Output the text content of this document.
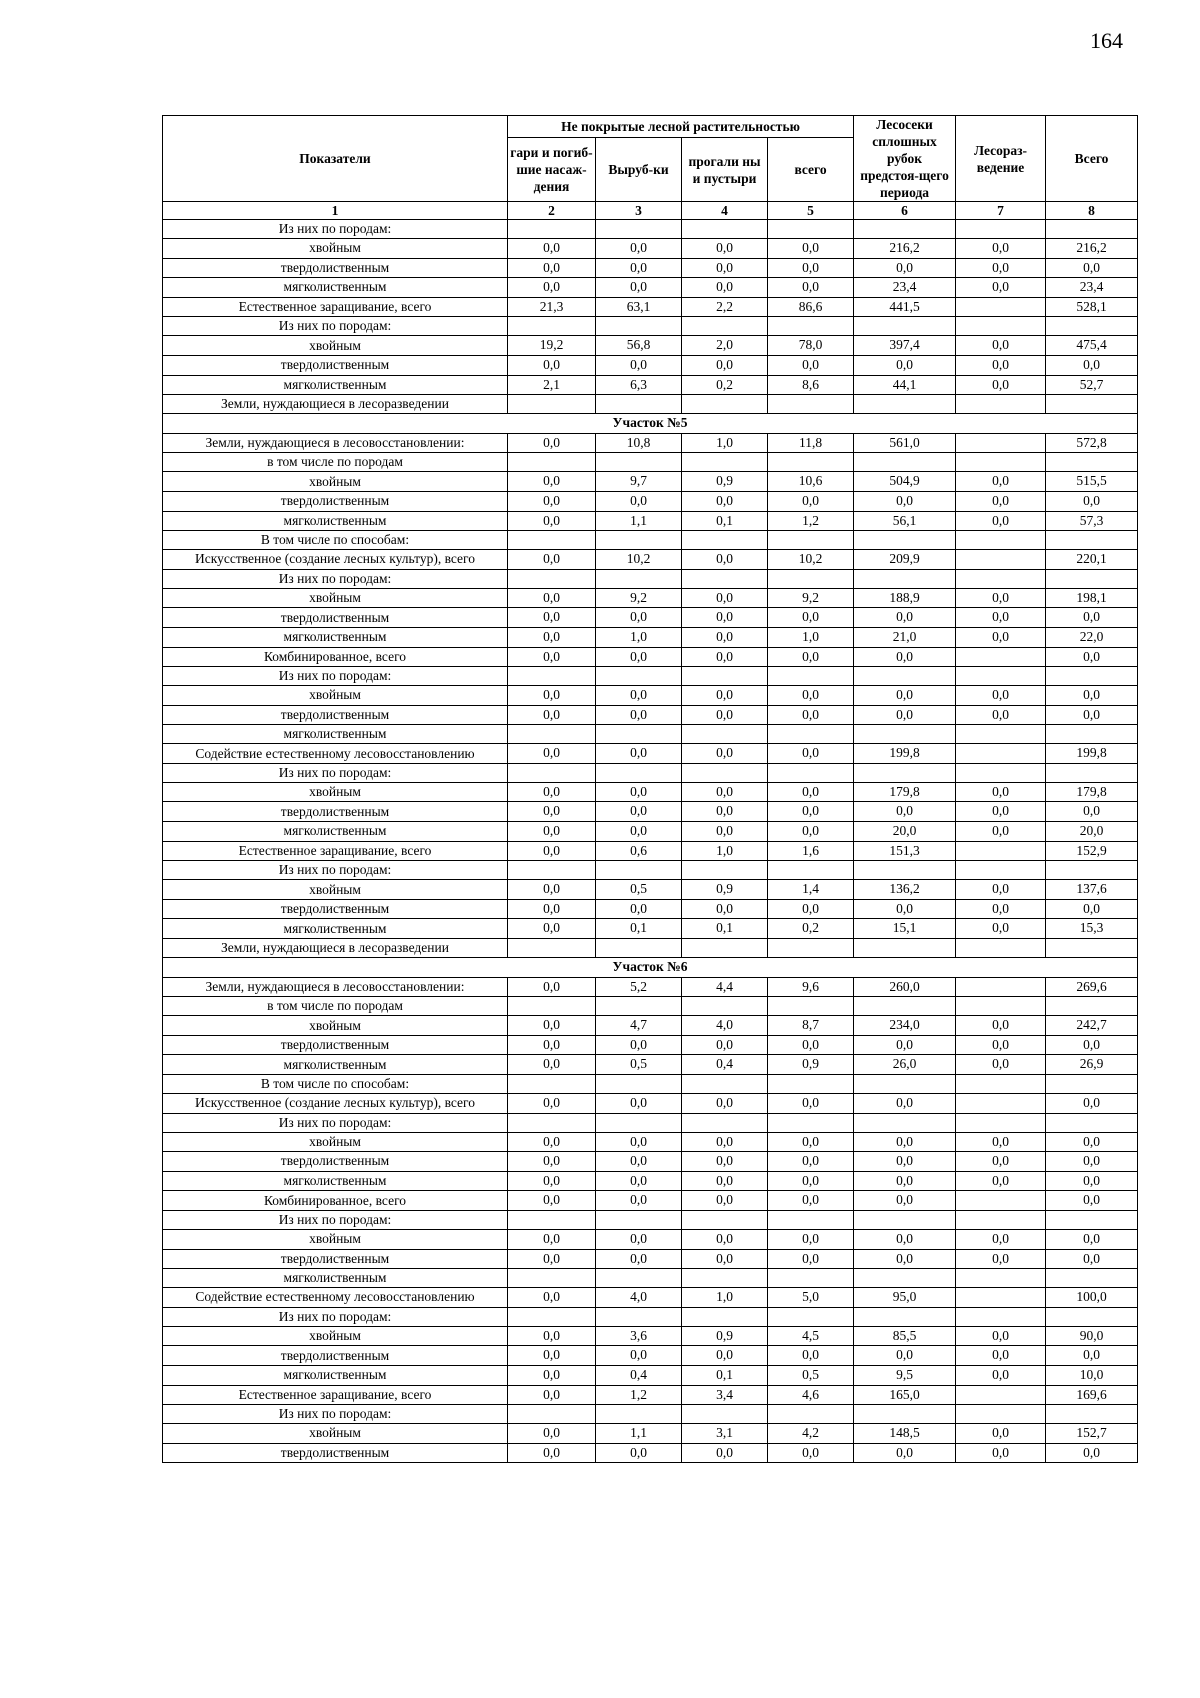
164
Показатели	Не покрытые лесной растительностью				Лесосеки сплошных рубок предстоя-щего периода	Лесораз-ведение	Всего
	гари и погиб-шие насаж-дения	Выруб-ки	прогали ны и пустыри	всего			
1	2	3	4	5	6	7	8
Из них по породам:							
хвойным	0,0	0,0	0,0	0,0	216,2	0,0	216,2
твердолиственным	0,0	0,0	0,0	0,0	0,0	0,0	0,0
мягколиственным	0,0	0,0	0,0	0,0	23,4	0,0	23,4
Естественное заращивание, всего	21,3	63,1	2,2	86,6	441,5		528,1
Из них по породам:							
хвойным	19,2	56,8	2,0	78,0	397,4	0,0	475,4
твердолиственным	0,0	0,0	0,0	0,0	0,0	0,0	0,0
мягколиственным	2,1	6,3	0,2	8,6	44,1	0,0	52,7
Земли, нуждающиеся в лесоразведении							
Участок №5							
Земли, нуждающиеся в лесовосстановлении:	0,0	10,8	1,0	11,8	561,0		572,8
в том числе по породам							
хвойным	0,0	9,7	0,9	10,6	504,9	0,0	515,5
твердолиственным	0,0	0,0	0,0	0,0	0,0	0,0	0,0
мягколиственным	0,0	1,1	0,1	1,2	56,1	0,0	57,3
В том числе по способам:							
Искусственное (создание лесных культур), всего	0,0	10,2	0,0	10,2	209,9		220,1
Из них по породам:							
хвойным	0,0	9,2	0,0	9,2	188,9	0,0	198,1
твердолиственным	0,0	0,0	0,0	0,0	0,0	0,0	0,0
мягколиственным	0,0	1,0	0,0	1,0	21,0	0,0	22,0
Комбинированное, всего	0,0	0,0	0,0	0,0	0,0		0,0
Из них по породам:							
хвойным	0,0	0,0	0,0	0,0	0,0	0,0	0,0
твердолиственным	0,0	0,0	0,0	0,0	0,0	0,0	0,0
мягколиственным							
Содействие естественному лесовосстановлению	0,0	0,0	0,0	0,0	199,8		199,8
Из них по породам:							
хвойным	0,0	0,0	0,0	0,0	179,8	0,0	179,8
твердолиственным	0,0	0,0	0,0	0,0	0,0	0,0	0,0
мягколиственным	0,0	0,0	0,0	0,0	20,0	0,0	20,0
Естественное заращивание, всего	0,0	0,6	1,0	1,6	151,3		152,9
Из них по породам:							
хвойным	0,0	0,5	0,9	1,4	136,2	0,0	137,6
твердолиственным	0,0	0,0	0,0	0,0	0,0	0,0	0,0
мягколиственным	0,0	0,1	0,1	0,2	15,1	0,0	15,3
Земли, нуждающиеся в лесоразведении							
Участок №6							
Земли, нуждающиеся в лесовосстановлении:	0,0	5,2	4,4	9,6	260,0		269,6
в том числе по породам							
хвойным	0,0	4,7	4,0	8,7	234,0	0,0	242,7
твердолиственным	0,0	0,0	0,0	0,0	0,0	0,0	0,0
мягколиственным	0,0	0,5	0,4	0,9	26,0	0,0	26,9
В том числе по способам:							
Искусственное (создание лесных культур), всего	0,0	0,0	0,0	0,0	0,0		0,0
Из них по породам:							
хвойным	0,0	0,0	0,0	0,0	0,0	0,0	0,0
твердолиственным	0,0	0,0	0,0	0,0	0,0	0,0	0,0
мягколиственным	0,0	0,0	0,0	0,0	0,0	0,0	0,0
Комбинированное, всего	0,0	0,0	0,0	0,0	0,0		0,0
Из них по породам:							
хвойным	0,0	0,0	0,0	0,0	0,0	0,0	0,0
твердолиственным	0,0	0,0	0,0	0,0	0,0	0,0	0,0
мягколиственным							
Содействие естественному лесовосстановлению	0,0	4,0	1,0	5,0	95,0		100,0
Из них по породам:							
хвойным	0,0	3,6	0,9	4,5	85,5	0,0	90,0
твердолиственным	0,0	0,0	0,0	0,0	0,0	0,0	0,0
мягколиственным	0,0	0,4	0,1	0,5	9,5	0,0	10,0
Естественное заращивание, всего	0,0	1,2	3,4	4,6	165,0		169,6
Из них по породам:							
хвойным	0,0	1,1	3,1	4,2	148,5	0,0	152,7
твердолиственным	0,0	0,0	0,0	0,0	0,0	0,0	0,0
